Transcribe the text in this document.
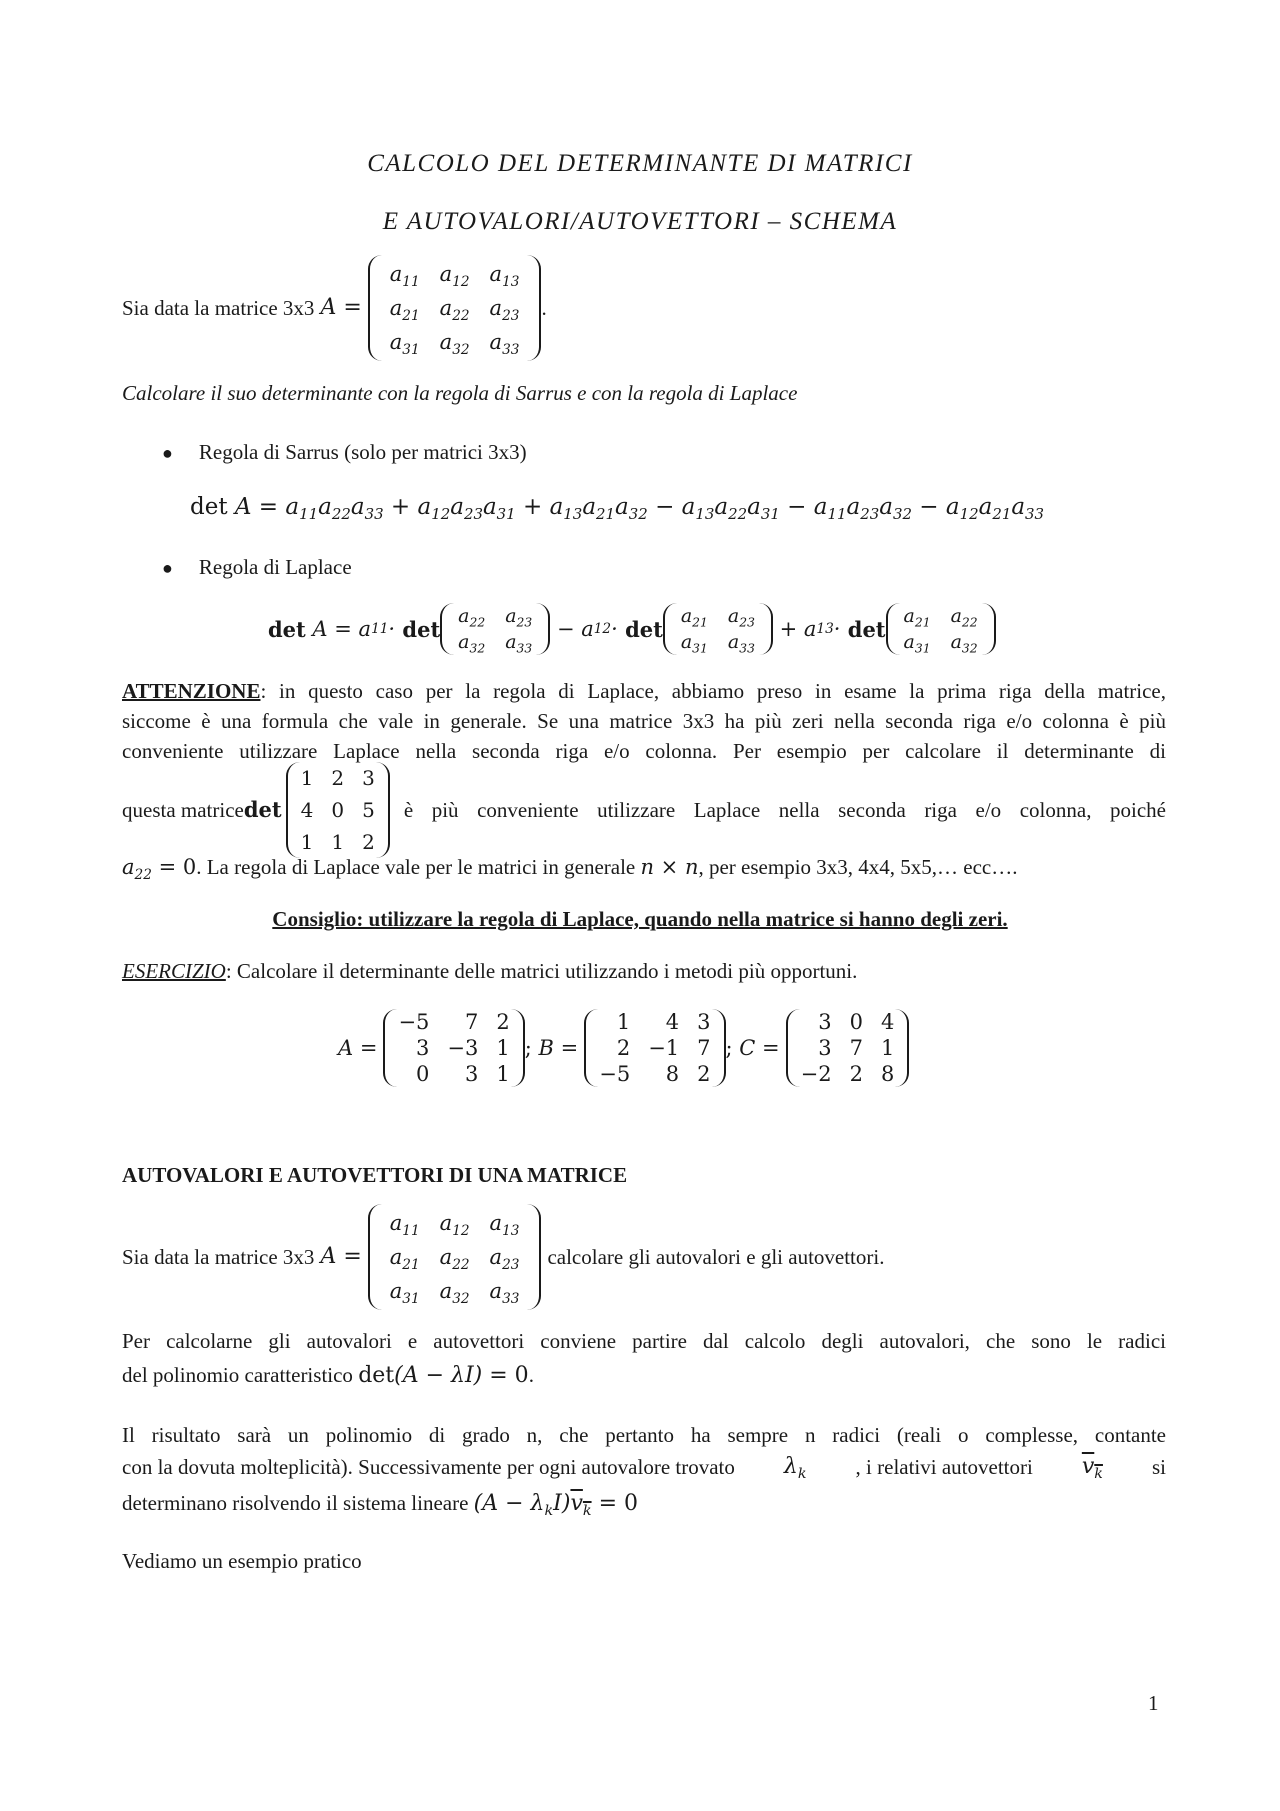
CALCOLO DEL DETERMINANTE DI MATRICI
E AUTOVALORI/AUTOVETTORI – SCHEMA
Sia data la matrice 3x3 A =
$a_{11}$	$a_{12}$	$a_{13}$
$a_{21}$	$a_{22}$	$a_{23}$
$a_{31}$	$a_{32}$	$a_{33}$
.
Calcolare il suo determinante con la regola di Sarrus e con la regola di Laplace
● Regola di Sarrus (solo per matrici 3x3)
$\det A = a_{11}a_{22}a_{33} + a_{12}a_{23}a_{31} + a_{13}a_{21}a_{32} - a_{13}a_{22}a_{31} - a_{11}a_{23}a_{32} - a_{12}a_{21}a_{33}$
● Regola di Laplace
det A = a 11 · det
$a_{22}$	$a_{23}$
$a_{32}$	$a_{33}$
− a 12 · det
$a_{21}$	$a_{23}$
$a_{31}$	$a_{33}$
+ a 13 · det
$a_{21}$	$a_{22}$
$a_{31}$	$a_{32}$
ATTENZIONE: in questo caso per la regola di Laplace, abbiamo preso in esame la prima riga della matrice,
siccome è una formula che vale in generale. Se una matrice 3x3 ha più zeri nella seconda riga e/o colonna è più
conveniente utilizzare Laplace nella seconda riga e/o colonna. Per esempio per calcolare il determinante di
questa matrice det
1	2	3
4	0	5
1	1	2
è più conveniente utilizzare Laplace nella seconda riga e/o colonna, poiché
$a_{22} = 0$. La regola di Laplace vale per le matrici in generale n × n, per esempio 3x3, 4x4, 5x5,… ecc….
Consiglio: utilizzare la regola di Laplace, quando nella matrice si hanno degli zeri.
ESERCIZIO: Calcolare il determinante delle matrici utilizzando i metodi più opportuni.
A =
−5	7	2
3	−3	1
0	3	1
;
B =
1	4	3
2	−1	7
−5	8	2
;
C =
3	0	4
3	7	1
−2	2	8
AUTOVALORI E AUTOVETTORI DI UNA MATRICE
Sia data la matrice 3x3 A =
$a_{11}$	$a_{12}$	$a_{13}$
$a_{21}$	$a_{22}$	$a_{23}$
$a_{31}$	$a_{32}$	$a_{33}$
calcolare gli autovalori e gli autovettori.
Per calcolarne gli autovalori e autovettori conviene partire dal calcolo degli autovalori, che sono le radici
del polinomio caratteristico det(A − λI) = 0.
Il risultato sarà un polinomio di grado n, che pertanto ha sempre n radici (reali o complesse, contante
con la dovuta molteplicità). Successivamente per ogni autovalore trovato $\lambda_k$ , i relativi autovettori $v_k$ si
determinano risolvendo il sistema lineare $(A - \lambda_kI)v_k = 0$
Vediamo un esempio pratico
1
